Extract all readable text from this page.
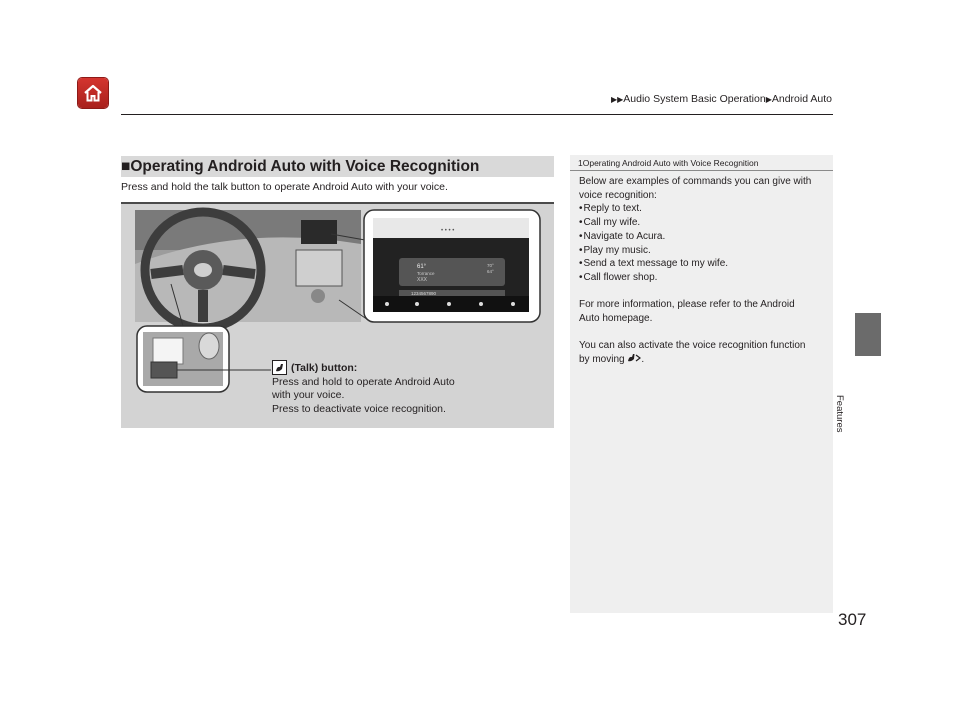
▶▶Audio System Basic Operation▶Android Auto
Features
■Operating Android Auto with Voice Recognition
Press and hold the talk button to operate Android Auto with your voice.
• • • •
61°
Torrance
XXX
70°
64°
1234567890
(Talk) button:
Press and hold to operate Android Auto
with your voice.
Press to deactivate voice recognition.
1Operating Android Auto with Voice Recognition

Below are examples of commands you can give with

voice recognition:

• Reply to text.

• Call my wife.

• Navigate to Acura.

• Play my music.

• Send a text message to my wife.

• Call flower shop.

For more information, please refer to the Android

Auto homepage.

You can also activate the voice recognition function

by moving .

307
